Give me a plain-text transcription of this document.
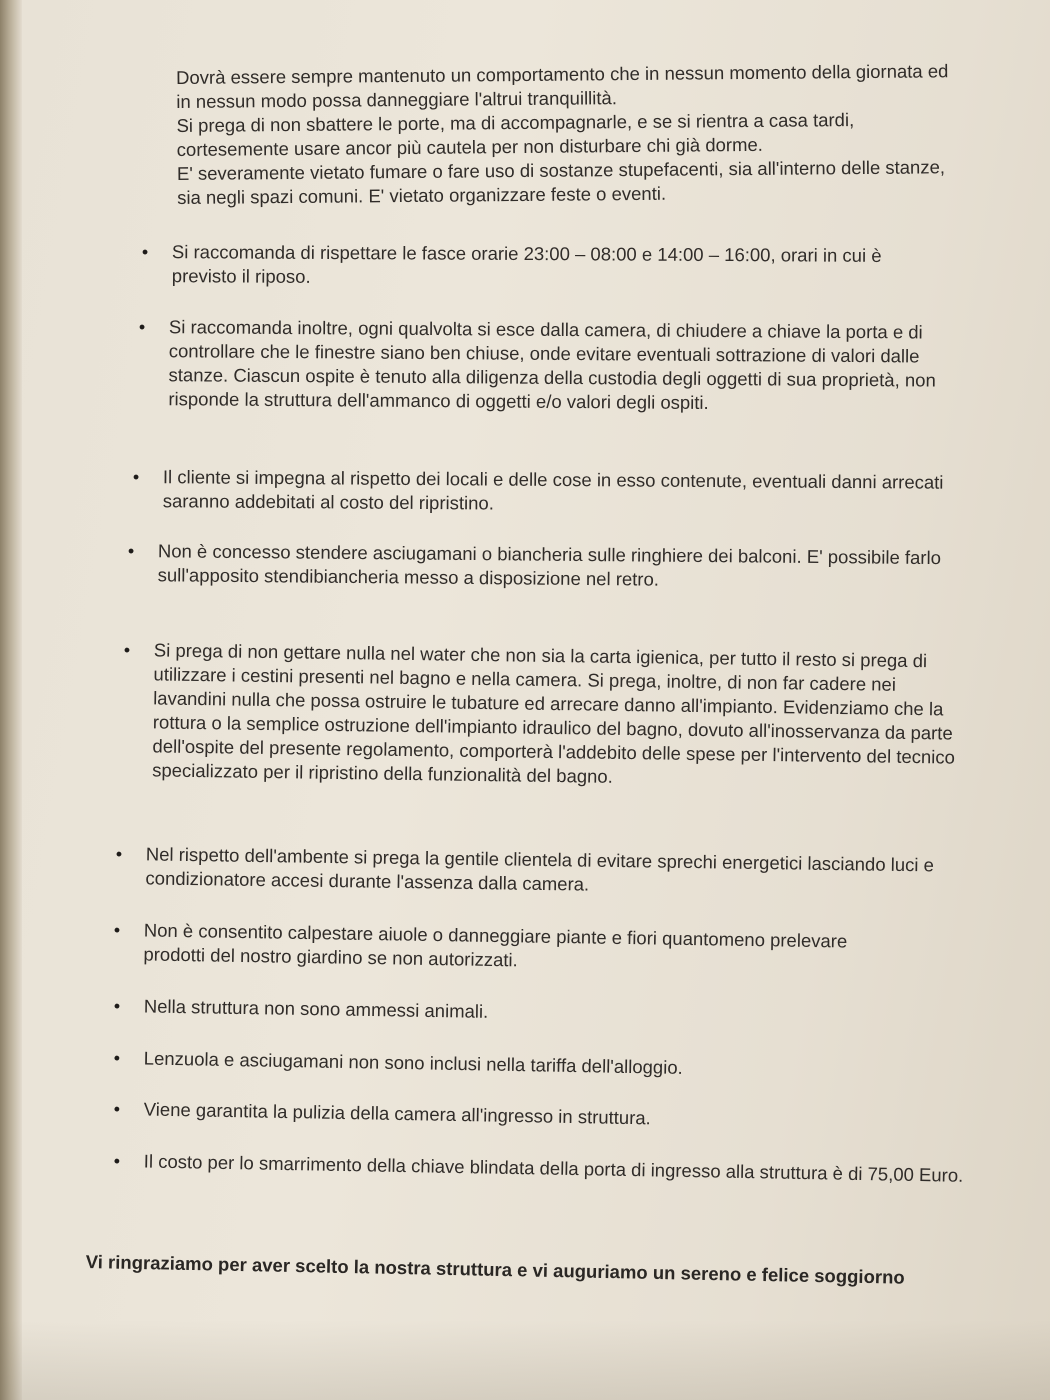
Dovrà essere sempre mantenuto un comportamento che in nessun momento della giornata ed in nessun modo possa danneggiare l'altrui tranquillità.

Si prega di non sbattere le porte, ma di accompagnarle, e se si rientra a casa tardi, cortesemente usare ancor più cautela per non disturbare chi già dorme.

E' severamente vietato fumare o fare uso di sostanze stupefacenti, sia all'interno delle stanze, sia negli spazi comuni. E' vietato organizzare feste o eventi.

•	Si raccomanda di rispettare le fasce orarie 23:00 – 08:00 e 14:00 – 16:00, orari in cui è previsto il riposo.
•	Si raccomanda inoltre, ogni qualvolta si esce dalla camera, di chiudere a chiave la porta e di controllare che le finestre siano ben chiuse, onde evitare eventuali sottrazione di valori dalle stanze. Ciascun ospite è tenuto alla diligenza della custodia degli oggetti di sua proprietà, non risponde la struttura dell'ammanco di oggetti e/o valori degli ospiti.
•	Il cliente si impegna al rispetto dei locali e delle cose in esso contenute, eventuali danni arrecati saranno addebitati al costo del ripristino.
•	Non è concesso stendere asciugamani o biancheria sulle ringhiere dei balconi. E' possibile farlo sull'apposito stendibiancheria messo a disposizione nel retro.
•	Si prega di non gettare nulla nel water che non sia la carta igienica, per tutto il resto si prega di utilizzare i cestini presenti nel bagno e nella camera. Si prega, inoltre, di non far cadere nei lavandini nulla che possa ostruire le tubature ed arrecare danno all'impianto. Evidenziamo che la rottura o la semplice ostruzione dell'impianto idraulico del bagno, dovuto all'inosservanza da parte dell'ospite del presente regolamento, comporterà l'addebito delle spese per l'intervento del tecnico specializzato per il ripristino della funzionalità del bagno.
•	Nel rispetto dell'ambente si prega la gentile clientela di evitare sprechi energetici lasciando luci e condizionatore accesi durante l'assenza dalla camera.
•	Non è consentito calpestare aiuole o danneggiare piante e fiori quantomeno prelevare prodotti del nostro giardino se non autorizzati.
•	Nella struttura non sono ammessi animali.
•	Lenzuola e asciugamani non sono inclusi nella tariffa dell'alloggio.
•	Viene garantita la pulizia della camera all'ingresso in struttura.
•	Il costo per lo smarrimento della chiave blindata della porta di ingresso alla struttura è di 75,00 Euro.
Vi ringraziamo per aver scelto la nostra struttura e vi auguriamo un sereno e felice soggiorno
